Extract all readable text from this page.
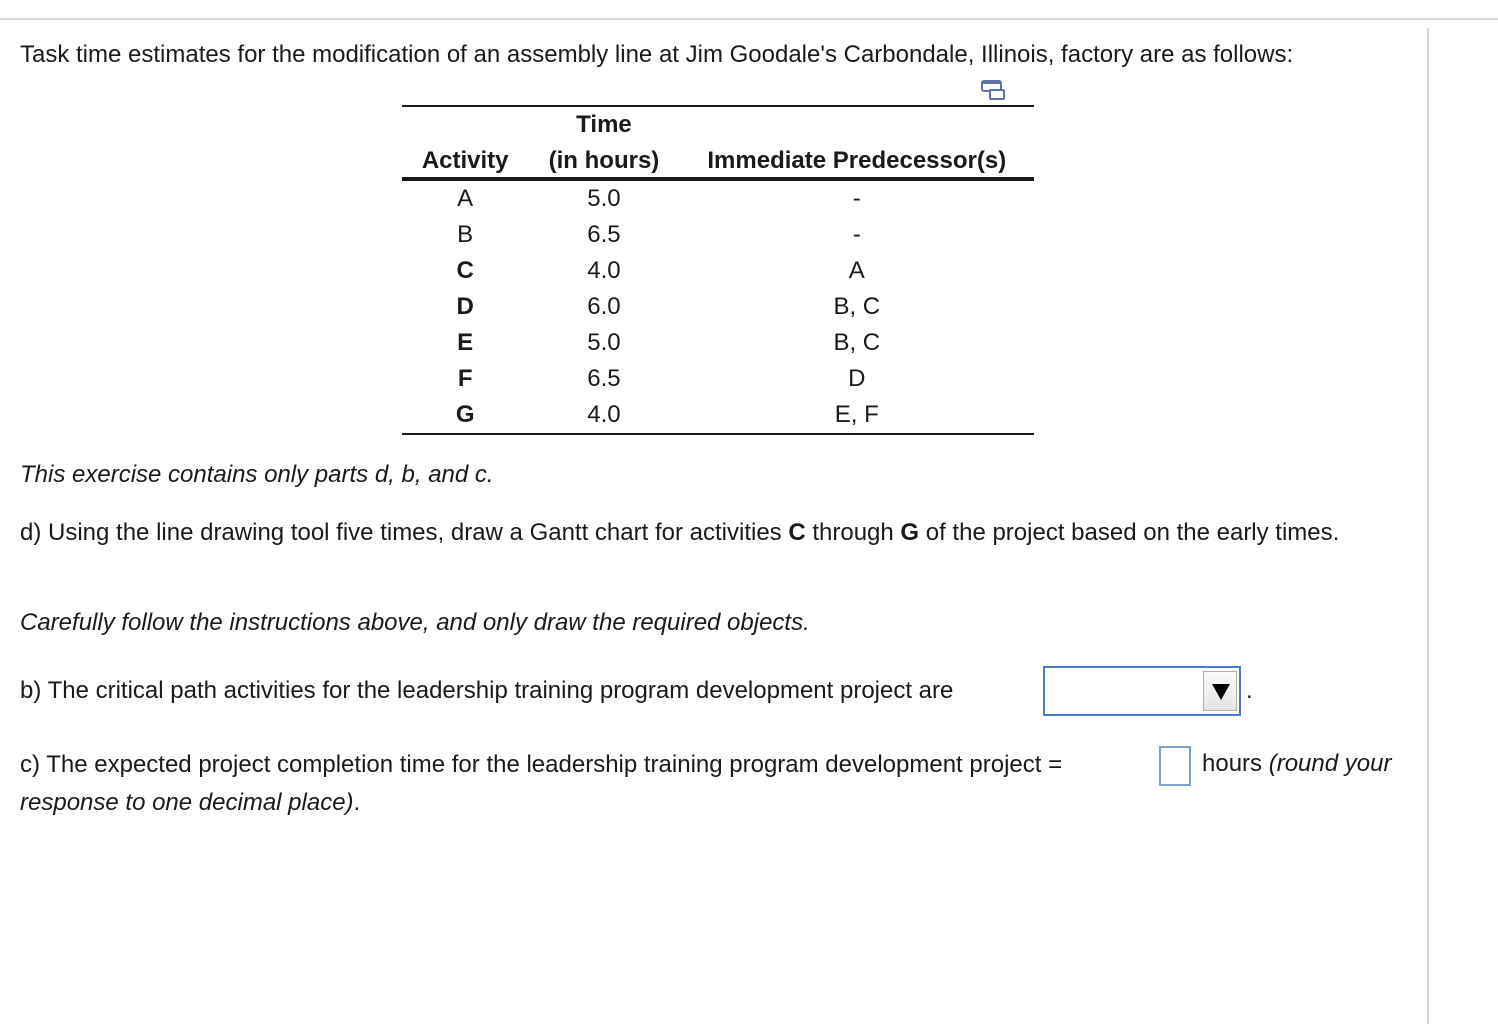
Task time estimates for the modification of an assembly line at Jim Goodale's Carbondale, Illinois, factory are as follows:
	Time	
Activity	(in hours)	Immediate Predecessor(s)
A	5.0	-
B	6.5	-
C	4.0	A
D	6.0	B, C
E	5.0	B, C
F	6.5	D
G	4.0	E, F
This exercise contains only parts d, b, and c.
d) Using the line drawing tool five times, draw a Gantt chart for activities C through G of the project based on the early times.
Carefully follow the instructions above, and only draw the required objects.
b) The critical path activities for the leadership training program development project are	.
c) The expected project completion time for the leadership training program development project =	hours (round your
response to one decimal place).
